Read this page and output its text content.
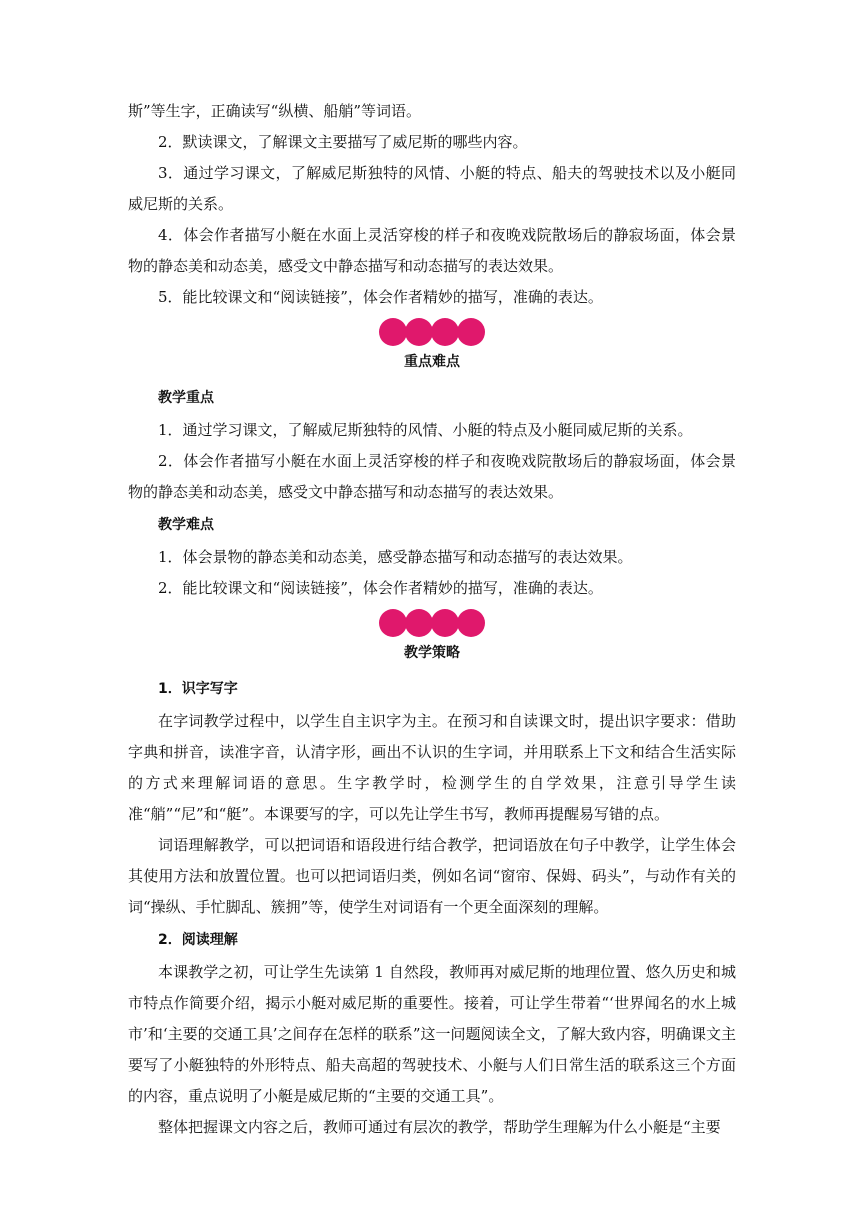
斯”等生字，正确读写“纵横、船艄”等词语。

2．默读课文，了解课文主要描写了威尼斯的哪些内容。

3．通过学习课文，了解威尼斯独特的风情、小艇的特点、船夫的驾驶技术以及小艇同威尼斯的关系。

4．体会作者描写小艇在水面上灵活穿梭的样子和夜晚戏院散场后的静寂场面，体会景物的静态美和动态美，感受文中静态描写和动态描写的表达效果。

5．能比较课文和“阅读链接”，体会作者精妙的描写，准确的表达。

重点难点
教学重点

1．通过学习课文，了解威尼斯独特的风情、小艇的特点及小艇同威尼斯的关系。

2．体会作者描写小艇在水面上灵活穿梭的样子和夜晚戏院散场后的静寂场面，体会景物的静态美和动态美，感受文中静态描写和动态描写的表达效果。

教学难点

1．体会景物的静态美和动态美，感受静态描写和动态描写的表达效果。

2．能比较课文和“阅读链接”，体会作者精妙的描写，准确的表达。

教学策略
1．识字写字

在字词教学过程中，以学生自主识字为主。在预习和自读课文时，提出识字要求：借助字典和拼音，读准字音，认清字形，画出不认识的生字词，并用联系上下文和结合生活实际的方式来理解词语的意思。生字教学时，检测学生的自学效果，注意引导学生读准“艄”“尼”和“艇”。本课要写的字，可以先让学生书写，教师再提醒易写错的点。

词语理解教学，可以把词语和语段进行结合教学，把词语放在句子中教学，让学生体会其使用方法和放置位置。也可以把词语归类，例如名词“窗帘、保姆、码头”，与动作有关的词“操纵、手忙脚乱、簇拥”等，使学生对词语有一个更全面深刻的理解。

2．阅读理解

本课教学之初，可让学生先读第 1 自然段，教师再对威尼斯的地理位置、悠久历史和城市特点作简要介绍，揭示小艇对威尼斯的重要性。接着，可让学生带着“‘世界闻名的水上城市’和‘主要的交通工具’之间存在怎样的联系”这一问题阅读全文，了解大致内容，明确课文主要写了小艇独特的外形特点、船夫高超的驾驶技术、小艇与人们日常生活的联系这三个方面的内容，重点说明了小艇是威尼斯的“主要的交通工具”。

整体把握课文内容之后，教师可通过有层次的教学，帮助学生理解为什么小艇是“主要
